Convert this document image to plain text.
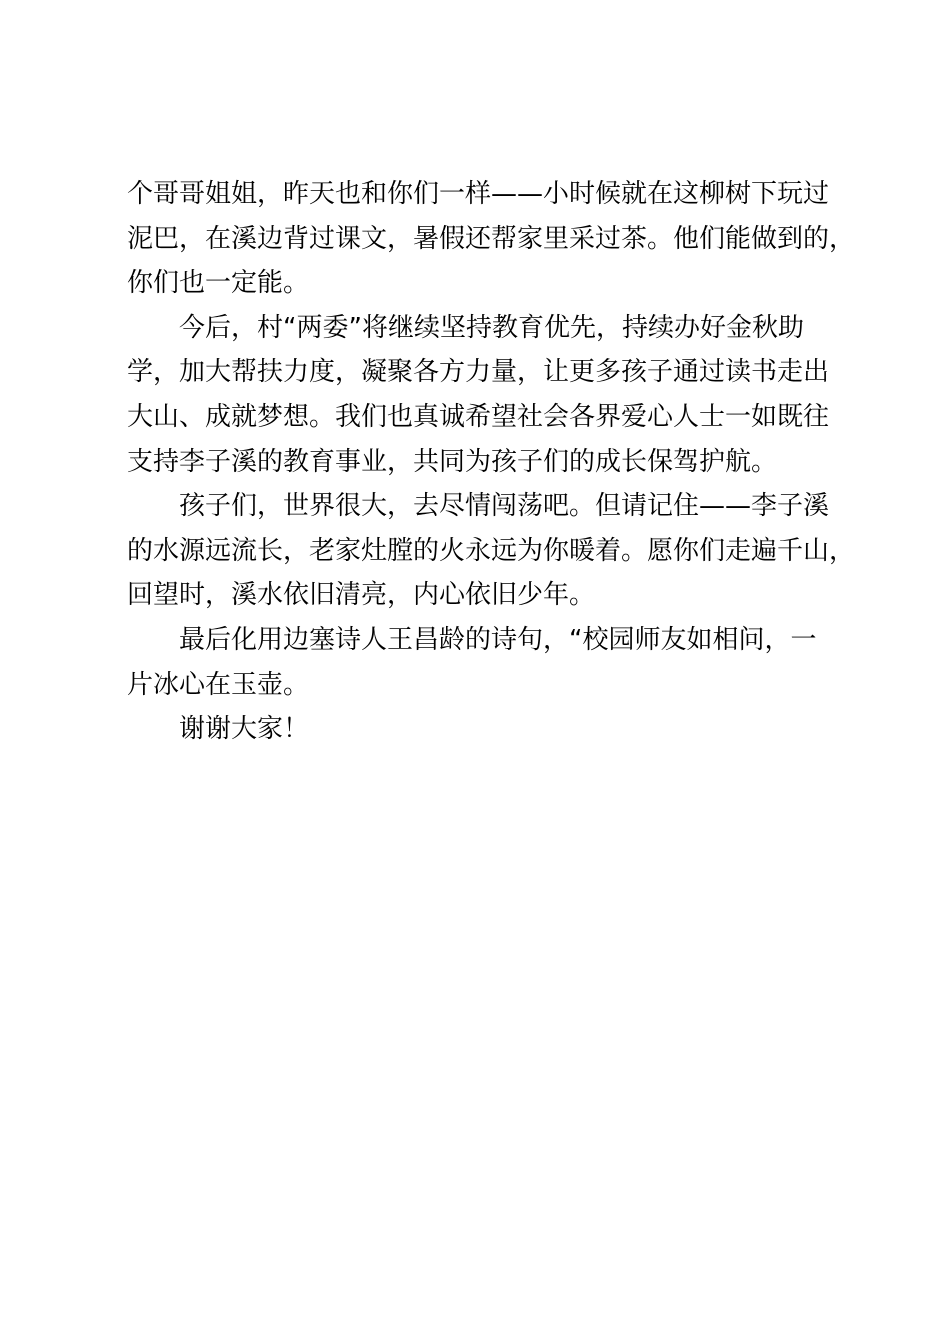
个哥哥姐姐，昨天也和你们一样——小时候就在这柳树下玩过
泥巴，在溪边背过课文，暑假还帮家里采过茶。他们能做到的，
你们也一定能。
今后，村“两委”将继续坚持教育优先，持续办好金秋助
学，加大帮扶力度，凝聚各方力量，让更多孩子通过读书走出
大山、成就梦想。我们也真诚希望社会各界爱心人士一如既往
支持李子溪的教育事业，共同为孩子们的成长保驾护航。
孩子们，世界很大，去尽情闯荡吧。但请记住——李子溪
的水源远流长，老家灶膛的火永远为你暖着。愿你们走遍千山，
回望时，溪水依旧清亮，内心依旧少年。
最后化用边塞诗人王昌龄的诗句，“校园师友如相问，一
片冰心在玉壶。
谢谢大家！
